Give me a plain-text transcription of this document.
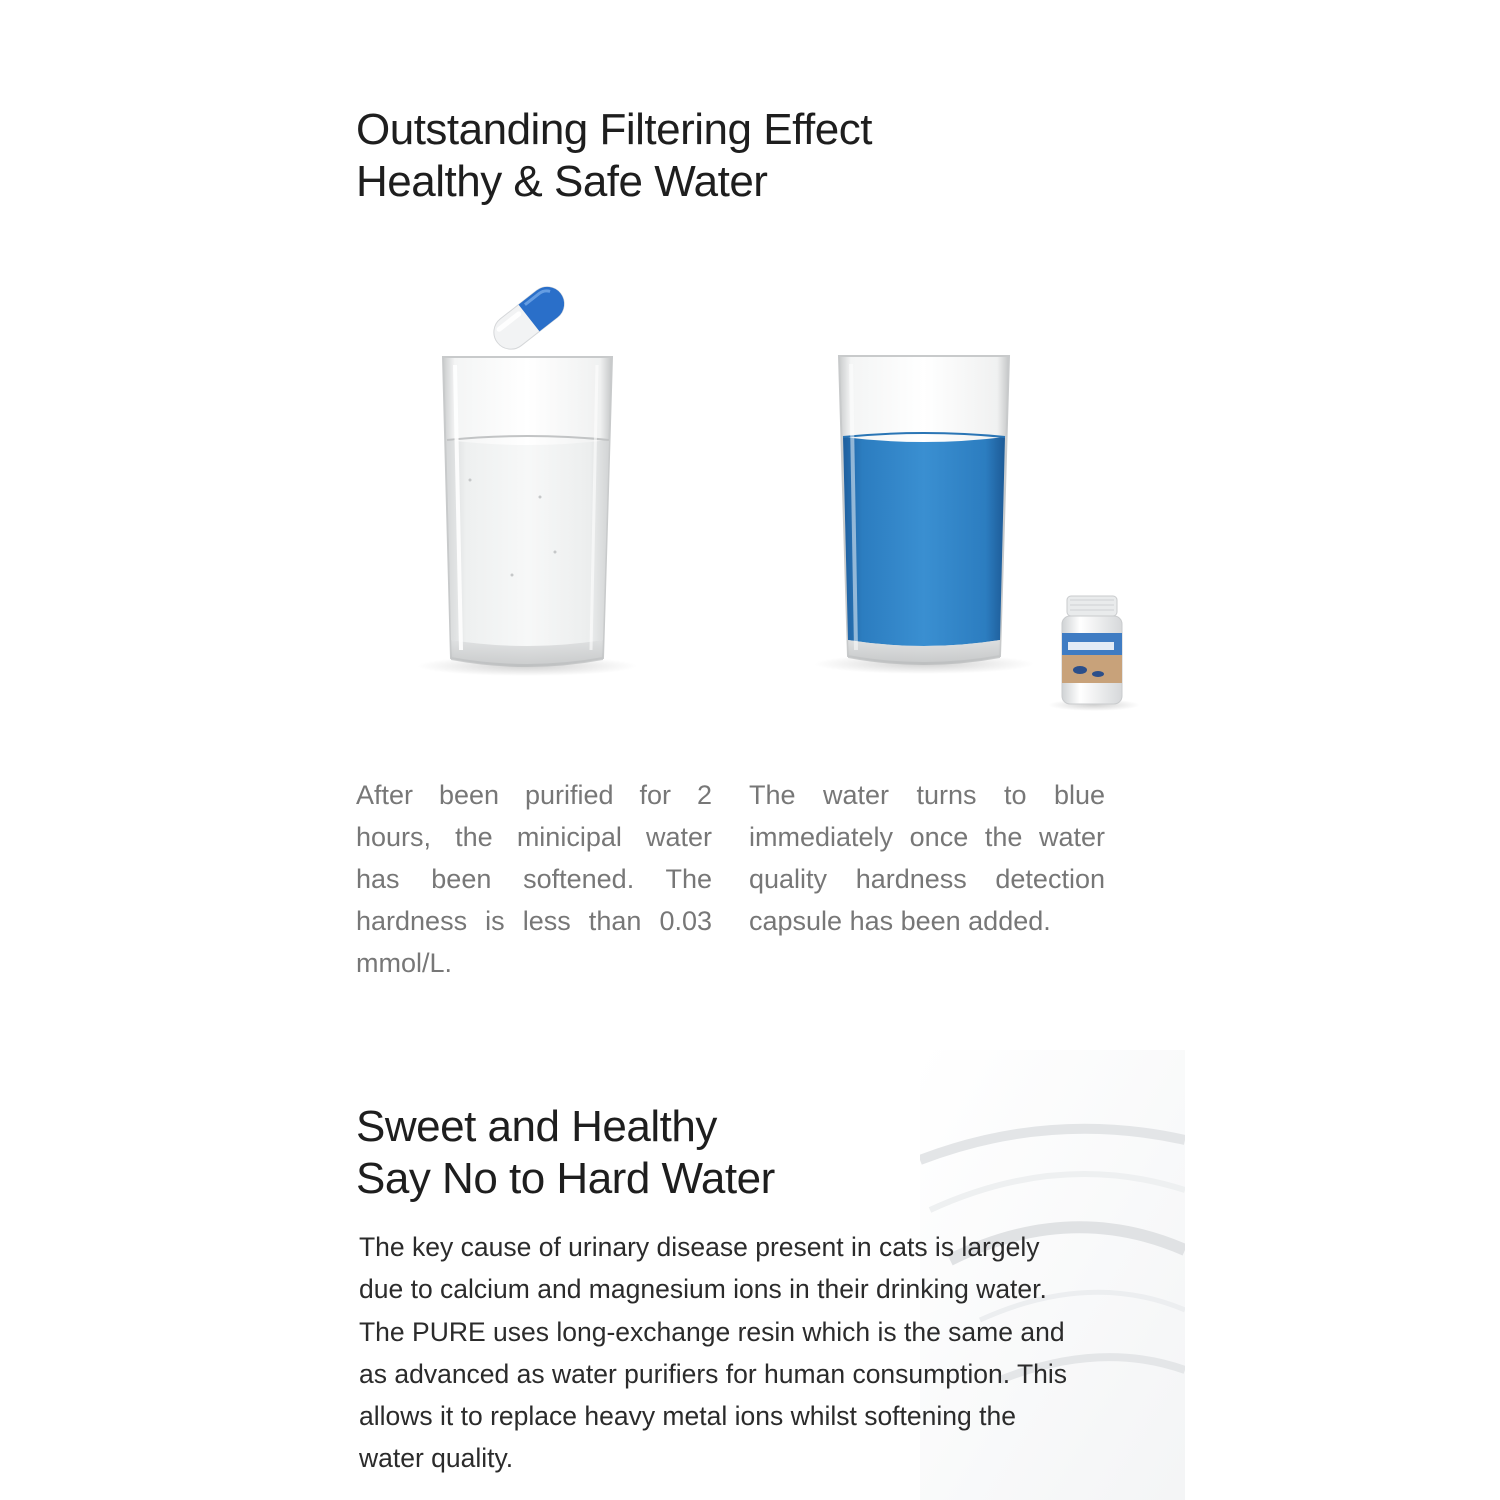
Outstanding Filtering Effect
Healthy & Safe Water

After been purified for 2 hours, the minicipal water has been softened. The hardness is less than 0.03 mmol/L.

The water turns to blue immediately once the water quality hardness detection capsule has been added.

Sweet and Healthy
Say No to Hard Water

The key cause of urinary disease present in cats is largely due to calcium and magnesium ions in their drinking water. The PURE uses long-exchange resin which is the same and as advanced as water purifiers for human consumption. This allows it to replace heavy metal ions whilst softening the water quality.
